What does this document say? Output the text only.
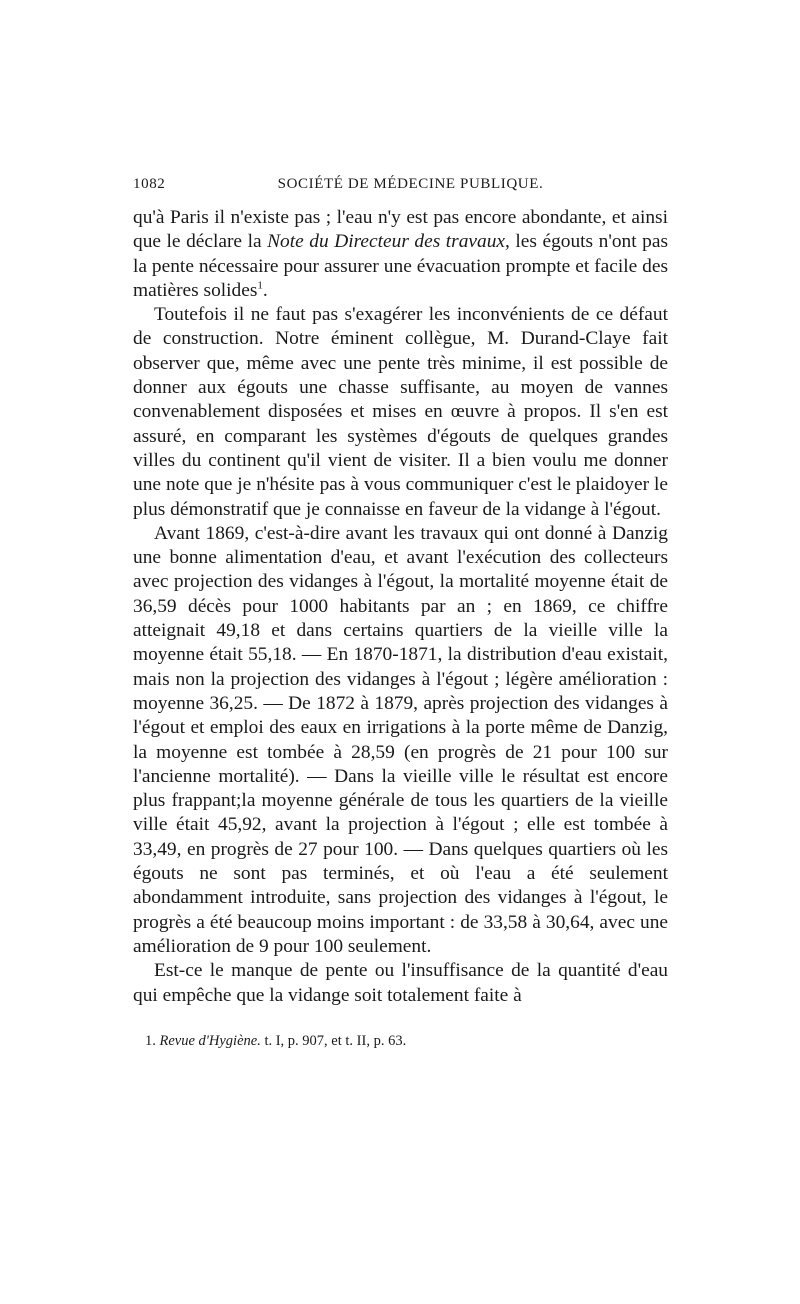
1082	SOCIÉTÉ DE MÉDECINE PUBLIQUE.

qu'à Paris il n'existe pas ; l'eau n'y est pas encore abondante, et ainsi que le déclare la Note du Directeur des travaux, les égouts n'ont pas la pente nécessaire pour assurer une évacuation prompte et facile des matières solides$^1$.

Toutefois il ne faut pas s'exagérer les inconvénients de ce défaut de construction. Notre éminent collègue, M. Durand-Claye fait observer que, même avec une pente très minime, il est possible de donner aux égouts une chasse suffisante, au moyen de vannes convenablement disposées et mises en œuvre à propos. Il s'en est assuré, en comparant les systèmes d'égouts de quelques grandes villes du continent qu'il vient de visiter. Il a bien voulu me donner une note que je n'hésite pas à vous communiquer c'est le plaidoyer le plus démonstratif que je connaisse en faveur de la vidange à l'égout.

Avant 1869, c'est-à-dire avant les travaux qui ont donné à Danzig une bonne alimentation d'eau, et avant l'exécution des collecteurs avec projection des vidanges à l'égout, la mortalité moyenne était de 36,59 décès pour 1000 habitants par an ; en 1869, ce chiffre atteignait 49,18 et dans certains quartiers de la vieille ville la moyenne était 55,18. — En 1870-1871, la distribution d'eau existait, mais non la projection des vidanges à l'égout ; légère amélioration : moyenne 36,25. — De 1872 à 1879, après projection des vidanges à l'égout et emploi des eaux en irrigations à la porte même de Danzig, la moyenne est tombée à 28,59 (en progrès de 21 pour 100 sur l'ancienne mortalité). — Dans la vieille ville le résultat est encore plus frappant;la moyenne générale de tous les quartiers de la vieille ville était 45,92, avant la projection à l'égout ; elle est tombée à 33,49, en progrès de 27 pour 100. — Dans quelques quartiers où les égouts ne sont pas terminés, et où l'eau a été seulement abondamment introduite, sans projection des vidanges à l'égout, le progrès a été beaucoup moins important : de 33,58 à 30,64, avec une amélioration de 9 pour 100 seulement.

Est-ce le manque de pente ou l'insuffisance de la quantité d'eau qui empêche que la vidange soit totalement faite à

1. Revue d'Hygiène. t. I, p. 907, et t. II, p. 63.
